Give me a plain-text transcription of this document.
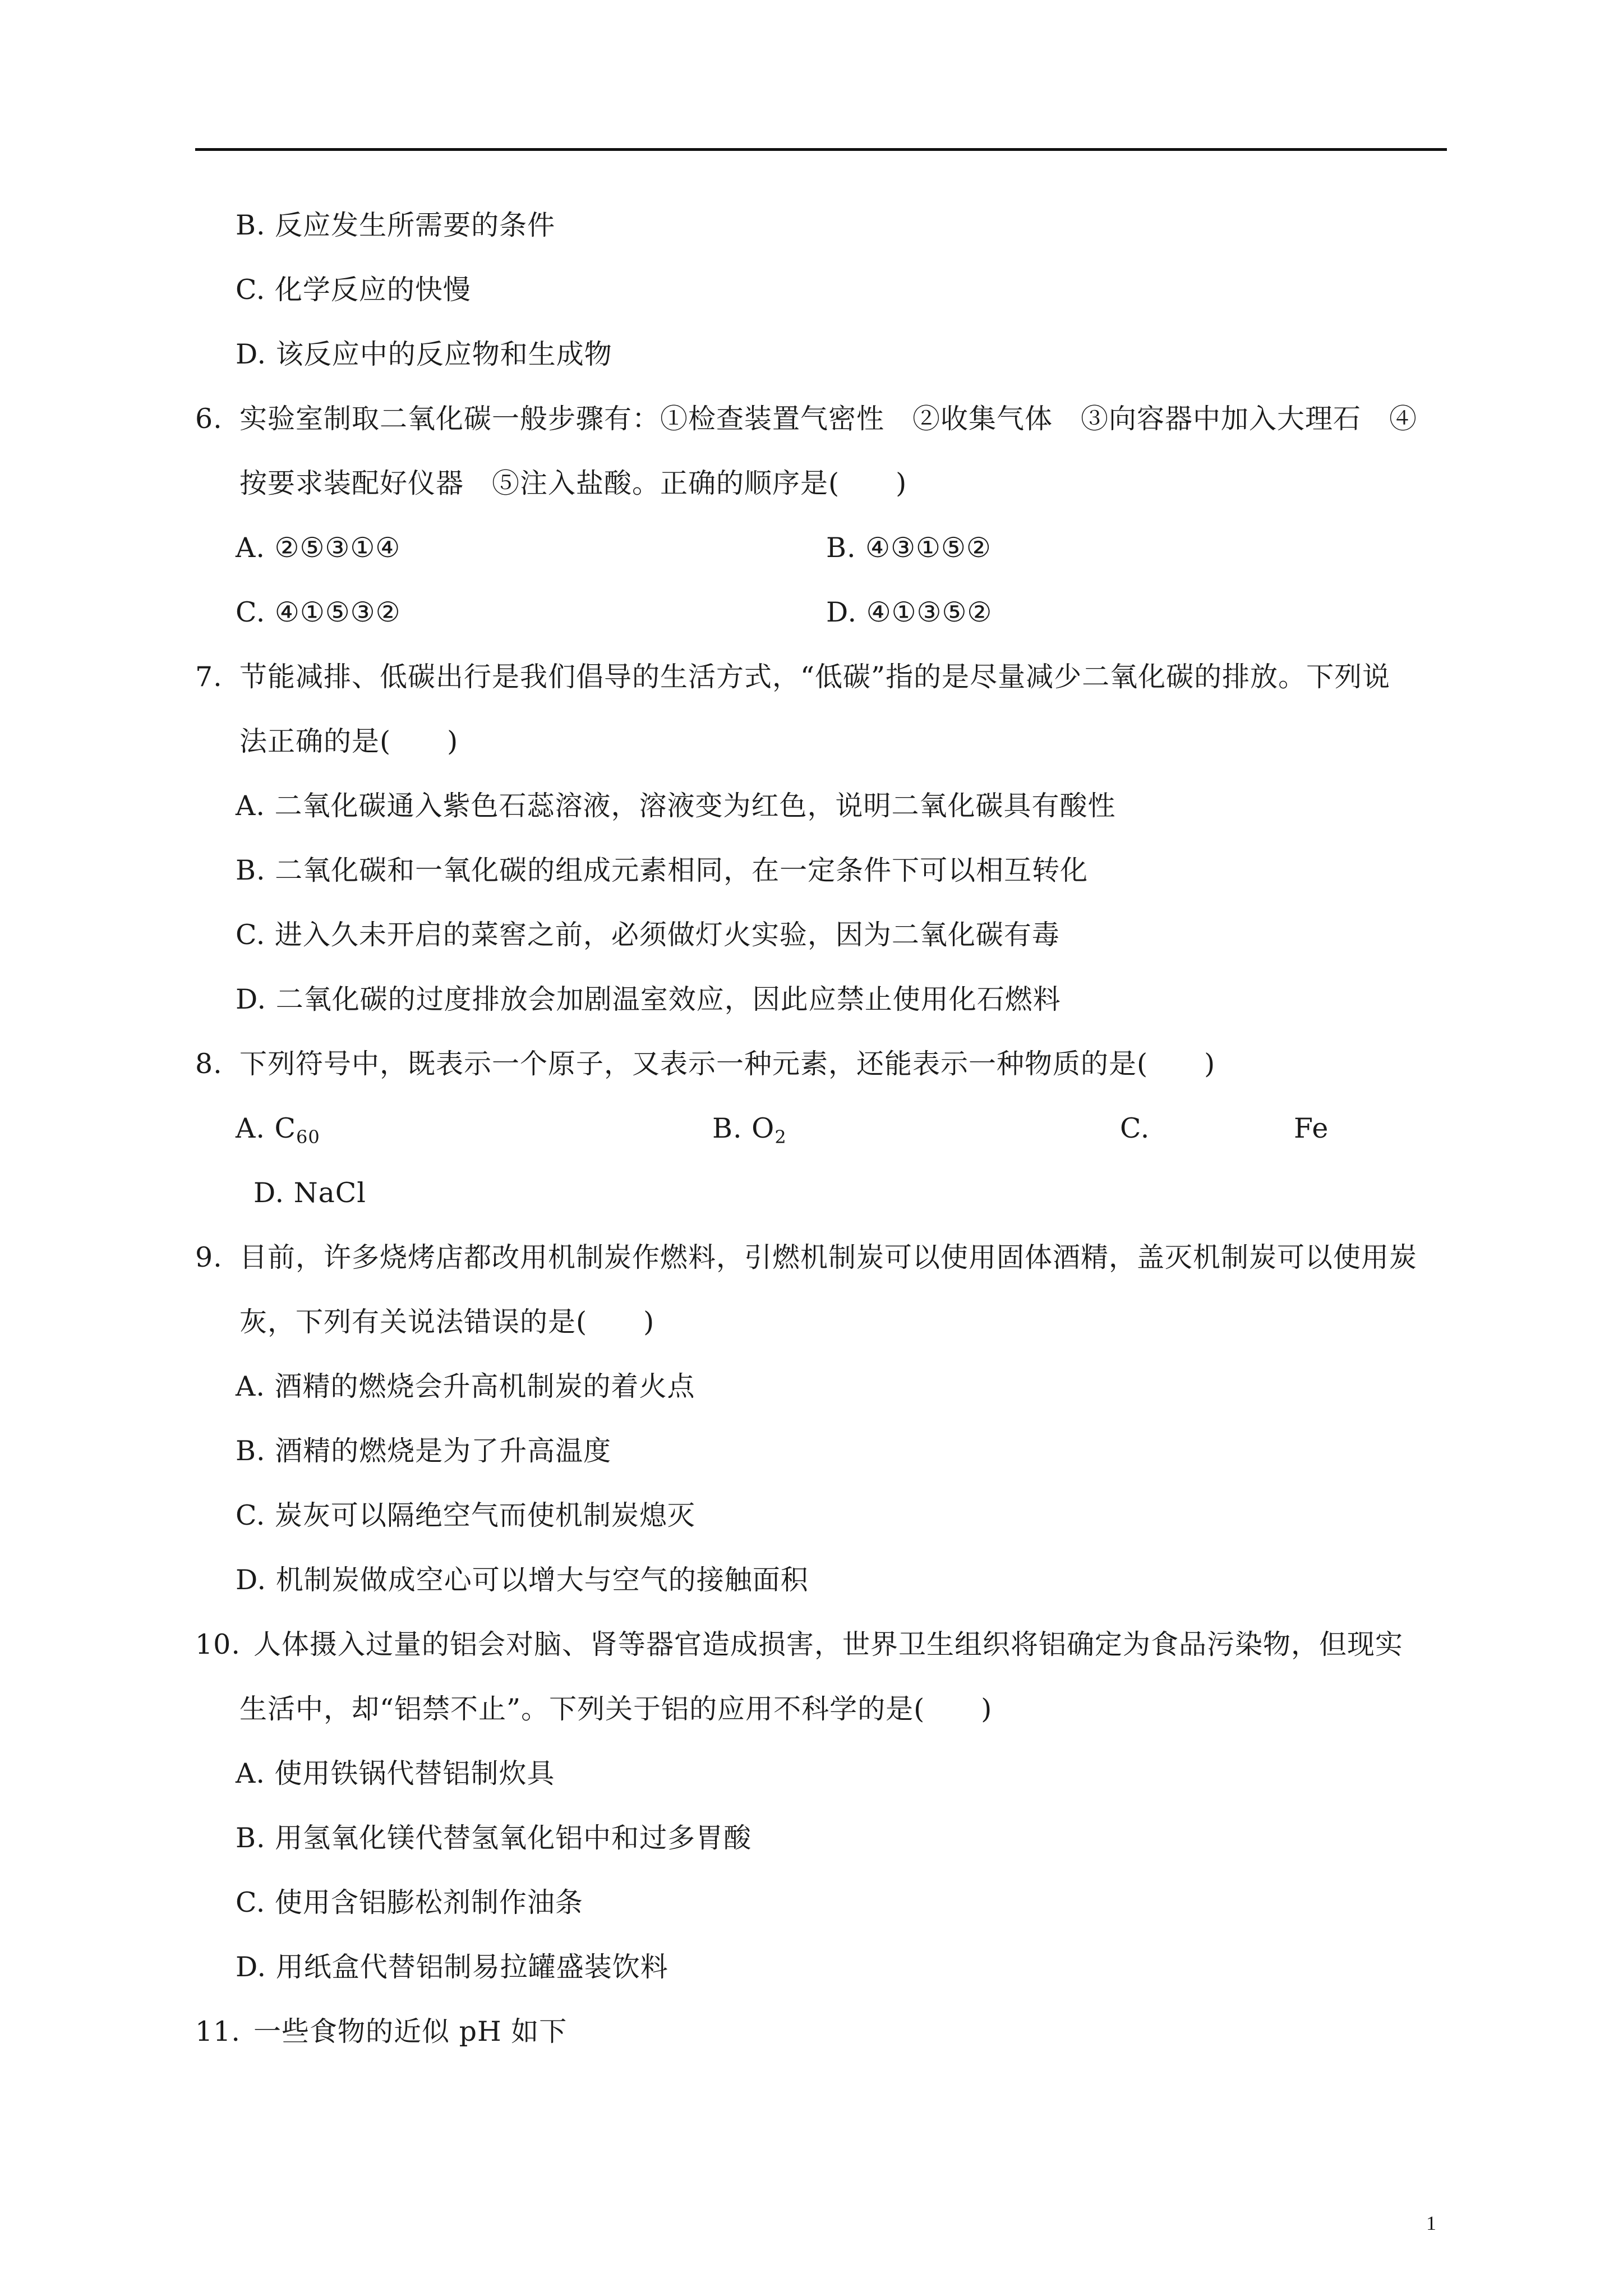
B. 反应发生所需要的条件
C. 化学反应的快慢
D. 该反应中的反应物和生成物
6. 实验室制取二氧化碳一般步骤有：①检查装置气密性　②收集气体　③向容器中加入大理石　④
按要求装配好仪器　⑤注入盐酸。正确的顺序是(　　)
A. ②⑤③①④	B. ④③①⑤②
C. ④①⑤③②	D. ④①③⑤②
7. 节能减排、低碳出行是我们倡导的生活方式，“低碳”指的是尽量减少二氧化碳的排放。下列说
法正确的是(　　)
A. 二氧化碳通入紫色石蕊溶液，溶液变为红色，说明二氧化碳具有酸性
B. 二氧化碳和一氧化碳的组成元素相同，在一定条件下可以相互转化
C. 进入久未开启的菜窖之前，必须做灯火实验，因为二氧化碳有毒
D. 二氧化碳的过度排放会加剧温室效应，因此应禁止使用化石燃料
8. 下列符号中，既表示一个原子，又表示一种元素，还能表示一种物质的是(　　)
A. $C_{60}$	B. $O_2$	C.	Fe
D. NaCl
9. 目前，许多烧烤店都改用机制炭作燃料，引燃机制炭可以使用固体酒精，盖灭机制炭可以使用炭
灰，下列有关说法错误的是(　　)
A. 酒精的燃烧会升高机制炭的着火点
B. 酒精的燃烧是为了升高温度
C. 炭灰可以隔绝空气而使机制炭熄灭
D. 机制炭做成空心可以增大与空气的接触面积
10. 人体摄入过量的铝会对脑、肾等器官造成损害，世界卫生组织将铝确定为食品污染物，但现实
生活中，却“铝禁不止”。下列关于铝的应用不科学的是(　　)
A. 使用铁锅代替铝制炊具
B. 用氢氧化镁代替氢氧化铝中和过多胃酸
C. 使用含铝膨松剂制作油条
D. 用纸盒代替铝制易拉罐盛装饮料
11. 一些食物的近似 pH 如下
1
